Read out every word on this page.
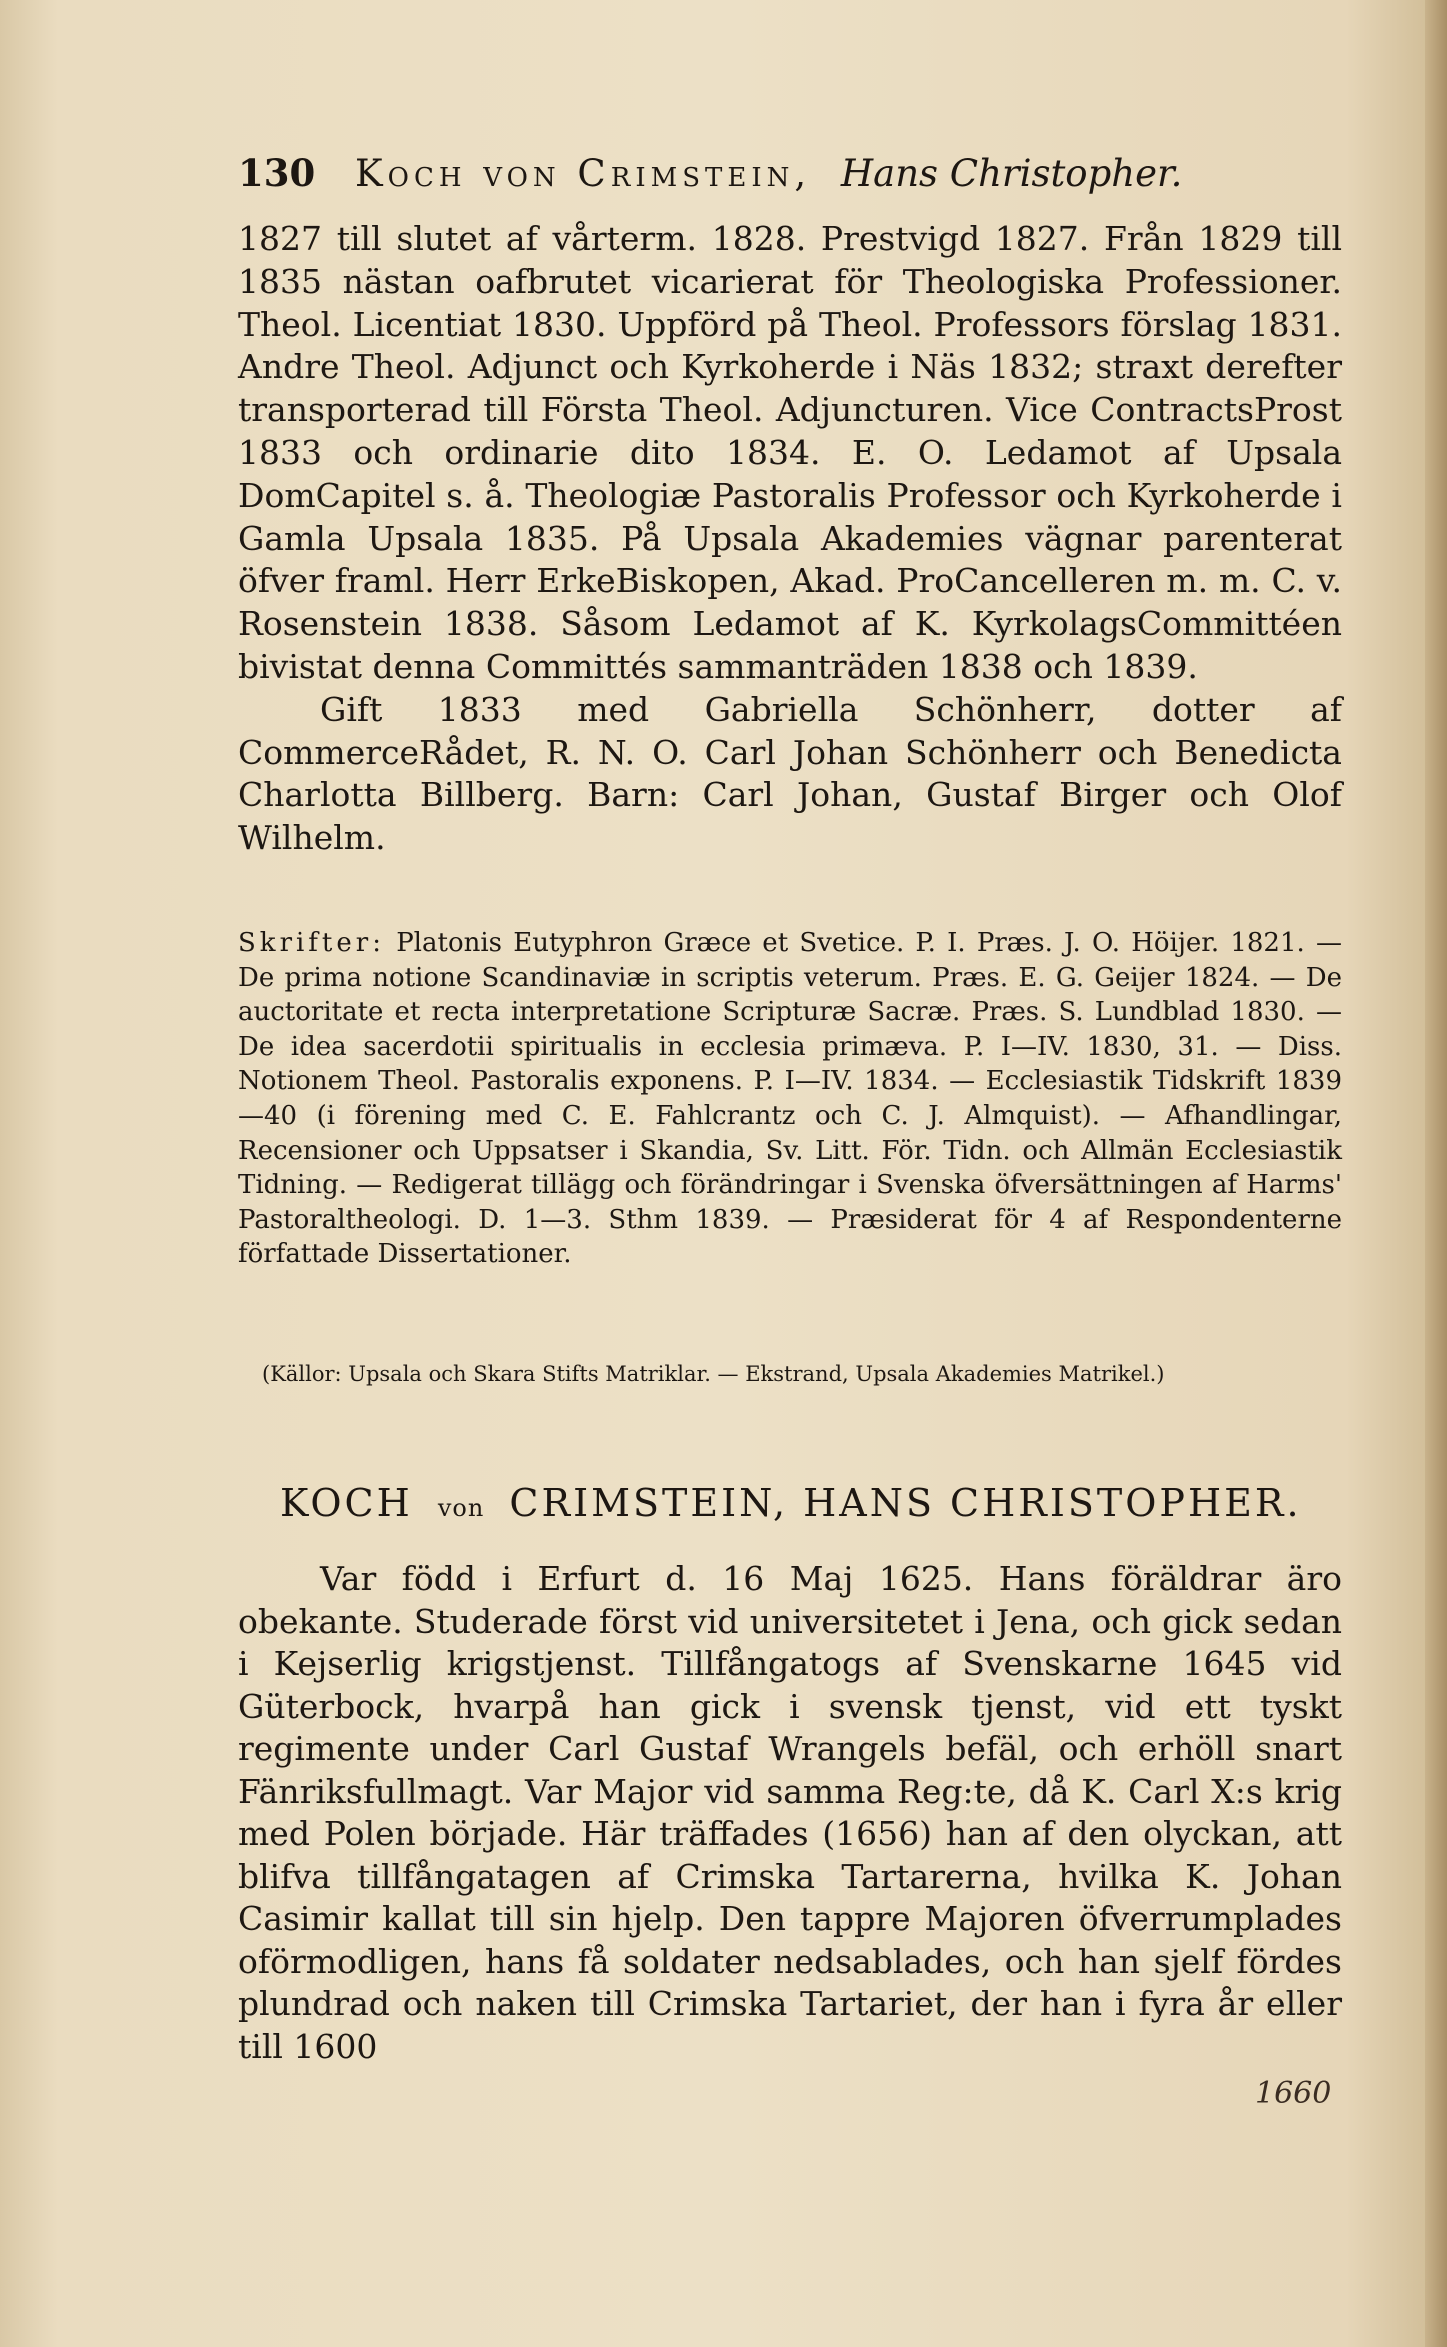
130 Koch von Crimstein, Hans Christopher.

1827 till slutet af vårterm. 1828. Prestvigd 1827. Från 1829 till 1835 nästan oafbrutet vicarierat för Theologiska Professioner. Theol. Licentiat 1830. Uppförd på Theol. Professors förslag 1831. Andre Theol. Adjunct och Kyrkoherde i Näs 1832; straxt derefter transporterad till Första Theol. Adjuncturen. Vice ContractsProst 1833 och ordinarie dito 1834. E. O. Ledamot af Upsala DomCapitel s. å. Theologiæ Pastoralis Professor och Kyrkoherde i Gamla Upsala 1835. På Upsala Akademies vägnar parenterat öfver framl. Herr ErkeBiskopen, Akad. ProCancelleren m. m. C. v. Rosenstein 1838. Såsom Ledamot af K. KyrkolagsCommittéen bivistat denna Committés sammanträden 1838 och 1839.

Gift 1833 med Gabriella Schönherr, dotter af CommerceRådet, R. N. O. Carl Johan Schönherr och Benedicta Charlotta Billberg. Barn: Carl Johan, Gustaf Birger och Olof Wilhelm.

Skrifter: Platonis Eutyphron Græce et Svetice. P. I. Præs. J. O. Höijer. 1821. — De prima notione Scandinaviæ in scriptis veterum. Præs. E. G. Geijer 1824. — De auctoritate et recta interpretatione Scripturæ Sacræ. Præs. S. Lundblad 1830. — De idea sacerdotii spiritualis in ecclesia primæva. P. I—IV. 1830, 31. — Diss. Notionem Theol. Pastoralis exponens. P. I—IV. 1834. — Ecclesiastik Tidskrift 1839—40 (i förening med C. E. Fahlcrantz och C. J. Almquist). — Afhandlingar, Recensioner och Uppsatser i Skandia, Sv. Litt. För. Tidn. och Allmän Ecclesiastik Tidning. — Redigerat tillägg och förändringar i Svenska öfversättningen af Harms' Pastoraltheologi. D. 1—3. Sthm 1839. — Præsiderat för 4 af Respondenterne författade Dissertationer.
(Källor: Upsala och Skara Stifts Matriklar. — Ekstrand, Upsala Akademies Matrikel.)
KOCH von CRIMSTEIN, HANS CHRISTOPHER.

Var född i Erfurt d. 16 Maj 1625. Hans föräldrar äro obekante. Studerade först vid universitetet i Jena, och gick sedan i Kejserlig krigstjenst. Tillfångatogs af Svenskarne 1645 vid Güterbock, hvarpå han gick i svensk tjenst, vid ett tyskt regimente under Carl Gustaf Wrangels befäl, och erhöll snart Fänriksfullmagt. Var Major vid samma Reg:te, då K. Carl X:s krig med Polen började. Här träffades (1656) han af den olyckan, att blifva tillfångatagen af Crimska Tartarerna, hvilka K. Johan Casimir kallat till sin hjelp. Den tappre Majoren öfverrumplades oförmodligen, hans få soldater nedsablades, och han sjelf fördes plundrad och naken till Crimska Tartariet, der han i fyra år eller till 1600

1660
